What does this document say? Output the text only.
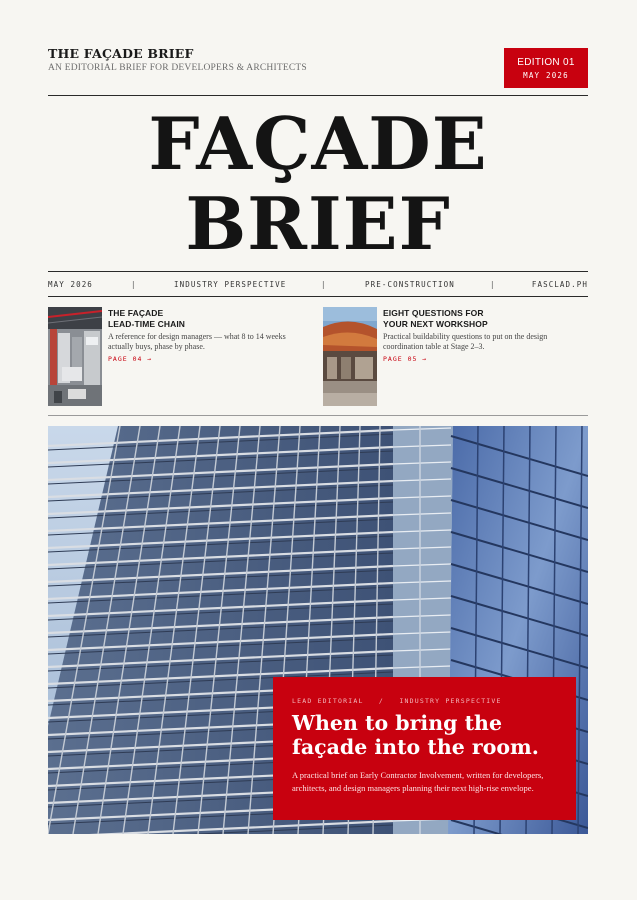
THE FAÇADE BRIEF
AN EDITORIAL BRIEF FOR DEVELOPERS & ARCHITECTS	EDITION 01
MAY 2026
FAÇADE
BRIEF
MAY 2026	|	INDUSTRY PERSPECTIVE	|	PRE-CONSTRUCTION	|	FASCLAD.PH
THE FAÇADE
LEAD-TIME CHAIN
A reference for design managers — what 8 to 14 weeks actually buys, phase by phase.
PAGE 04 →
EIGHT QUESTIONS FOR
YOUR NEXT WORKSHOP
Practical buildability questions to put on the design coordination table at Stage 2–3.
PAGE 05 →
LEAD EDITORIAL   /   INDUSTRY PERSPECTIVE
When to bring the
façade into the room.
A practical brief on Early Contractor Involvement, written for developers, architects, and design managers planning their next high-rise envelope.
